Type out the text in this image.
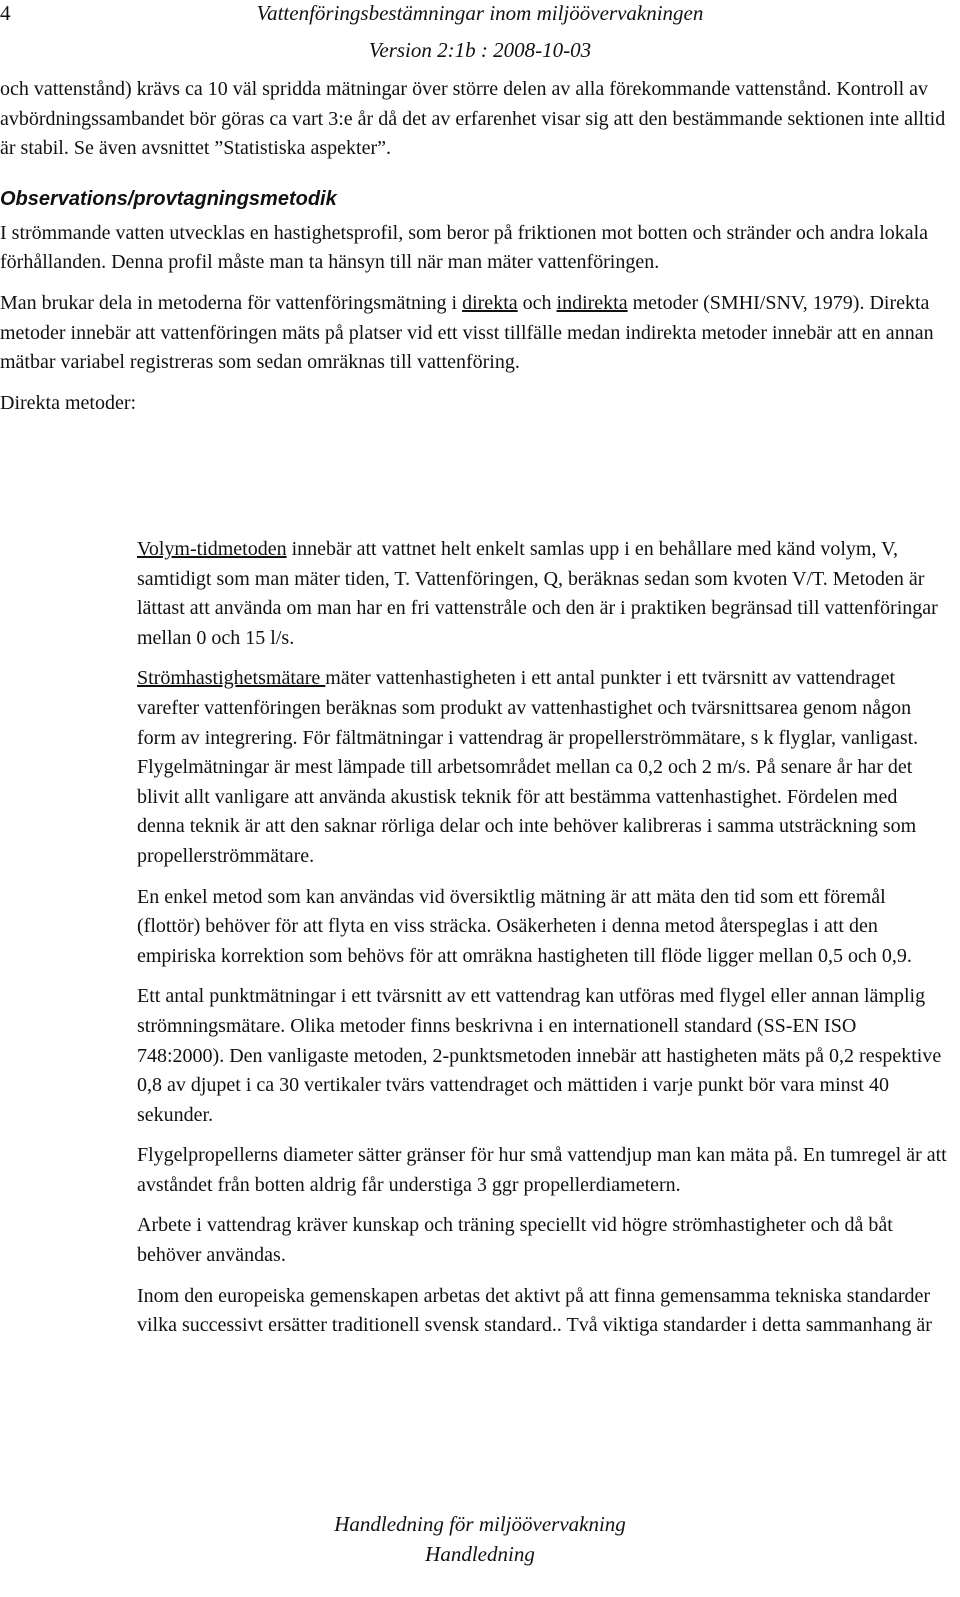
4	Vattenföringsbestämningar inom miljöövervakningen
Version 2:1b : 2008-10-03

och vattenstånd) krävs ca 10 väl spridda mätningar över större delen av alla förekommande vattenstånd. Kontroll av avbördningssambandet bör göras ca vart 3:e år då det av erfarenhet visar sig att den bestämmande sektionen inte alltid är stabil. Se även avsnittet ”Statistiska aspekter”.

Observations/provtagningsmetodik

I strömmande vatten utvecklas en hastighetsprofil, som beror på friktionen mot botten och stränder och andra lokala förhållanden. Denna profil måste man ta hänsyn till när man mäter vattenföringen.

Man brukar dela in metoderna för vattenföringsmätning i direkta och indirekta metoder (SMHI/SNV, 1979). Direkta metoder innebär att vattenföringen mäts på platser vid ett visst tillfälle medan indirekta metoder innebär att en annan mätbar variabel registreras som sedan omräknas till vattenföring.

Direkta metoder:

Volym-tidmetoden innebär att vattnet helt enkelt samlas upp i en behållare med känd volym, V, samtidigt som man mäter tiden, T. Vattenföringen, Q, beräknas sedan som kvoten V/T. Metoden är lättast att använda om man har en fri vattenstråle och den är i praktiken begränsad till vattenföringar mellan 0 och 15 l/s.

Strömhastighetsmätare mäter vattenhastigheten i ett antal punkter i ett tvärsnitt av vattendraget varefter vattenföringen beräknas som produkt av vattenhastighet och tvärsnittsarea genom någon form av integrering. För fältmätningar i vattendrag är propellerströmmätare, s k flyglar, vanligast. Flygelmätningar är mest lämpade till arbetsområdet mellan ca 0,2 och 2 m/s. På senare år har det blivit allt vanligare att använda akustisk teknik för att bestämma vattenhastighet. Fördelen med denna teknik är att den saknar rörliga delar och inte behöver kalibreras i samma utsträckning som propellerströmmätare.

En enkel metod som kan användas vid översiktlig mätning är att mäta den tid som ett föremål (flottör) behöver för att flyta en viss sträcka. Osäkerheten i denna metod återspeglas i att den empiriska korrektion som behövs för att omräkna hastigheten till flöde ligger mellan 0,5 och 0,9.

Ett antal punktmätningar i ett tvärsnitt av ett vattendrag kan utföras med flygel eller annan lämplig strömningsmätare. Olika metoder finns beskrivna i en internationell standard (SS-EN ISO 748:2000). Den vanligaste metoden, 2-punktsmetoden innebär att hastigheten mäts på 0,2 respektive 0,8 av djupet i ca 30 vertikaler tvärs vattendraget och mättiden i varje punkt bör vara minst 40 sekunder.

Flygelpropellerns diameter sätter gränser för hur små vattendjup man kan mäta på. En tumregel är att avståndet från botten aldrig får understiga 3 ggr propellerdiametern.

Arbete i vattendrag kräver kunskap och träning speciellt vid högre strömhastigheter och då båt behöver användas.

Inom den europeiska gemenskapen arbetas det aktivt på att finna gemensamma tekniska standarder vilka successivt ersätter traditionell svensk standard.. Två viktiga standarder i detta sammanhang är

Handledning för miljöövervakning
Handledning
